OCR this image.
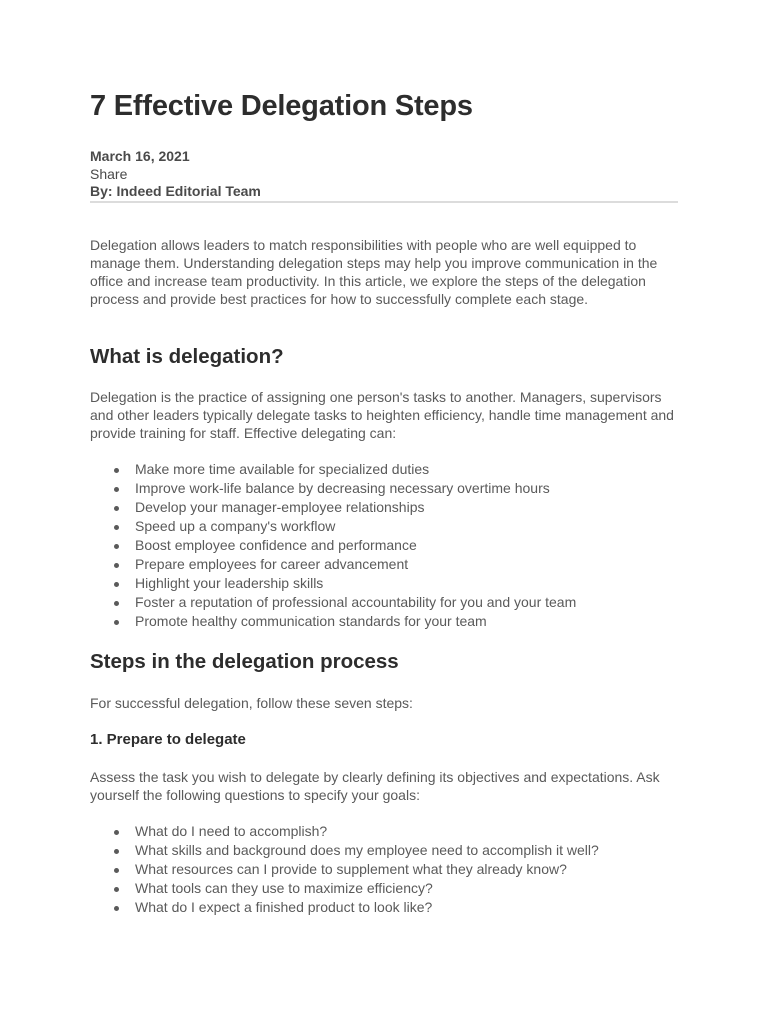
7 Effective Delegation Steps
March 16, 2021
Share
By: Indeed Editorial Team

Delegation allows leaders to match responsibilities with people who are well equipped to manage them. Understanding delegation steps may help you improve communication in the office and increase team productivity. In this article, we explore the steps of the delegation process and provide best practices for how to successfully complete each stage.

What is delegation?

Delegation is the practice of assigning one person's tasks to another. Managers, supervisors and other leaders typically delegate tasks to heighten efficiency, handle time management and provide training for staff. Effective delegating can:

Make more time available for specialized duties
Improve work-life balance by decreasing necessary overtime hours
Develop your manager-employee relationships
Speed up a company's workflow
Boost employee confidence and performance
Prepare employees for career advancement
Highlight your leadership skills
Foster a reputation of professional accountability for you and your team
Promote healthy communication standards for your team
Steps in the delegation process

For successful delegation, follow these seven steps:

1. Prepare to delegate

Assess the task you wish to delegate by clearly defining its objectives and expectations. Ask yourself the following questions to specify your goals:

What do I need to accomplish?
What skills and background does my employee need to accomplish it well?
What resources can I provide to supplement what they already know?
What tools can they use to maximize efficiency?
What do I expect a finished product to look like?
